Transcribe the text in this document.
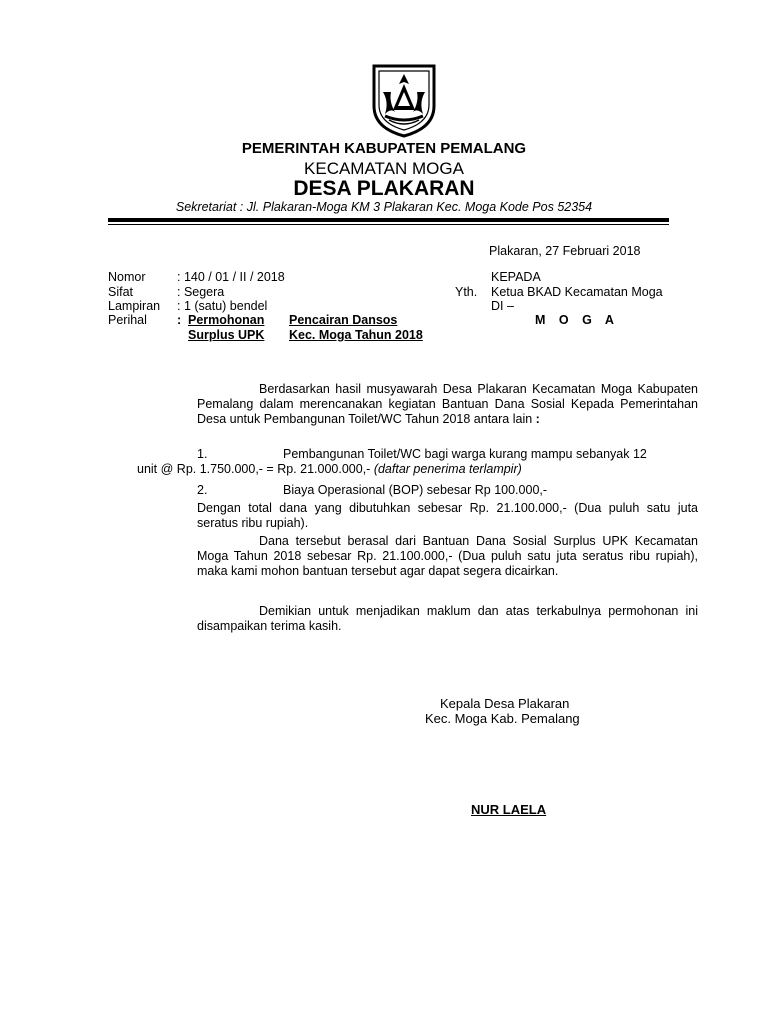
PEMERINTAH KABUPATEN PEMALANG
KECAMATAN MOGA
DESA PLAKARAN
Sekretariat : Jl. Plakaran-Moga KM 3 Plakaran Kec. Moga Kode Pos 52354
Plakaran, 27 Februari 2018
Nomor	: 140 / 01 / II / 2018
Sifat	: Segera
Lampiran : 1 (satu) bendel
Perihal : Permohonan Pencairan Dansos
Surplus UPK Kec. Moga Tahun 2018
KEPADA
Yth. Ketua BKAD Kecamatan Moga
DI –
M O G A
Berdasarkan hasil musyawarah Desa Plakaran Kecamatan Moga Kabupaten Pemalang dalam merencanakan kegiatan Bantuan Dana Sosial Kepada Pemerintahan Desa untuk Pembangunan Toilet/WC Tahun 2018 antara lain :
1.	Pembangunan Toilet/WC bagi warga kurang mampu sebanyak 12
unit @ Rp. 1.750.000,- = Rp. 21.000.000,- (daftar penerima terlampir)
2.	Biaya Operasional (BOP) sebesar Rp 100.000,-
Dengan total dana yang dibutuhkan sebesar Rp. 21.100.000,- (Dua puluh satu juta seratus ribu rupiah).
Dana tersebut berasal dari Bantuan Dana Sosial Surplus UPK Kecamatan Moga Tahun 2018 sebesar Rp. 21.100.000,- (Dua puluh satu juta seratus ribu rupiah), maka kami mohon bantuan tersebut agar dapat segera dicairkan.
Demikian untuk menjadikan maklum dan atas terkabulnya permohonan ini disampaikan terima kasih.
Kepala Desa Plakaran
Kec. Moga Kab. Pemalang
NUR LAELA
